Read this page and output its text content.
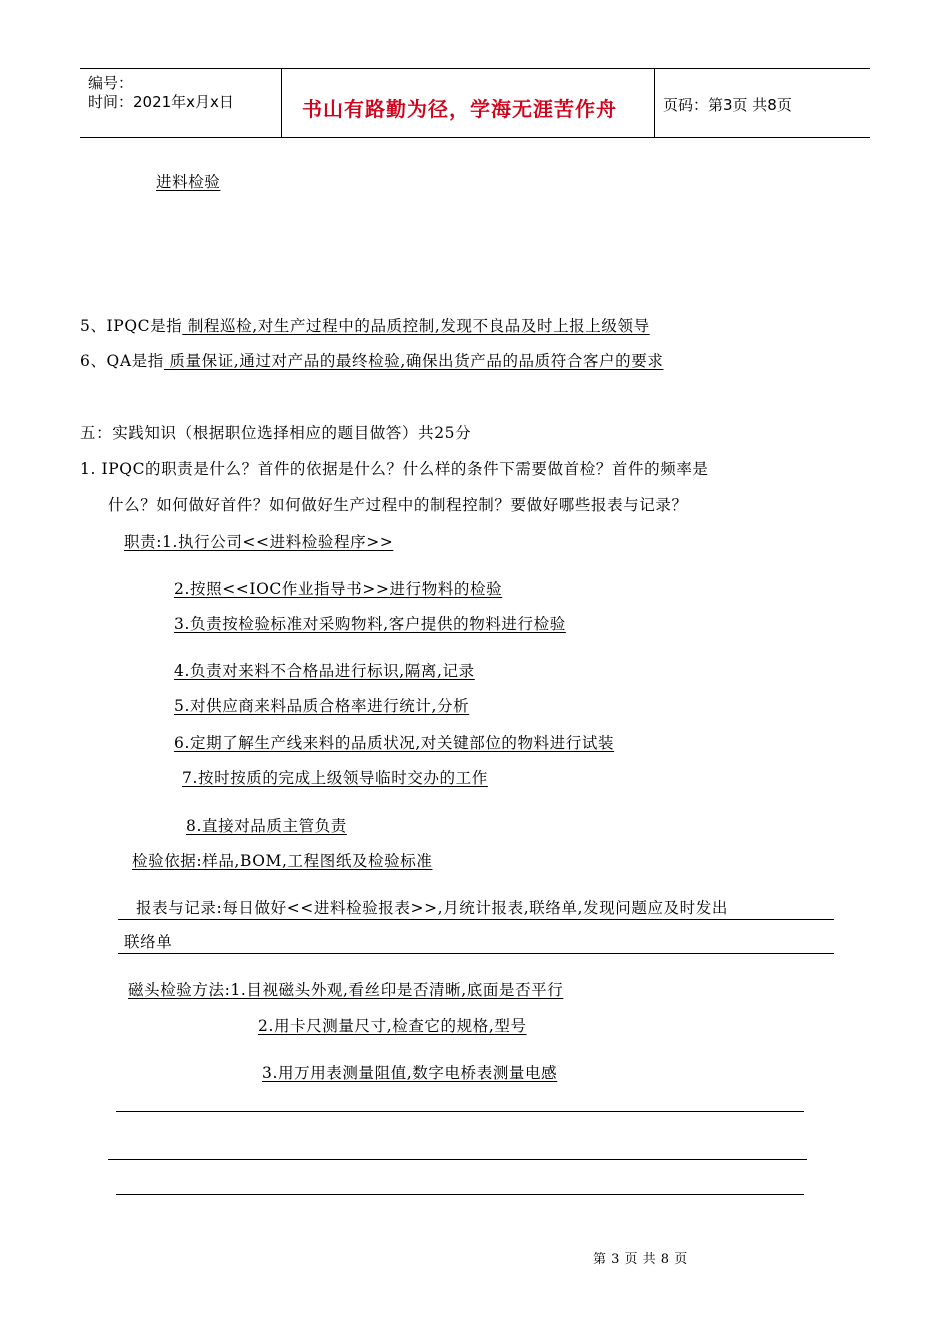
编号：
时间：2021年x月x日	书山有路勤为径，学海无涯苦作舟	页码：第3页 共8页
进料检验
5、IPQC是指 制程巡检,对生产过程中的品质控制,发现不良品及时上报上级领导
6、QA是指 质量保证,通过对产品的最终检验,确保出货产品的品质符合客户的要求
五：实践知识（根据职位选择相应的题目做答）共25分
1. IPQC的职责是什么？首件的依据是什么？什么样的条件下需要做首检？首件的频率是
什么？如何做好首件？如何做好生产过程中的制程控制？要做好哪些报表与记录？
职责:1.执行公司<<进料检验程序>>
2.按照<<IOC作业指导书>>进行物料的检验
3.负责按检验标准对采购物料,客户提供的物料进行检验
4.负责对来料不合格品进行标识,隔离,记录
5.对供应商来料品质合格率进行统计,分析
6.定期了解生产线来料的品质状况,对关键部位的物料进行试装
7.按时按质的完成上级领导临时交办的工作
8.直接对品质主管负责
检验依据:样品,BOM,工程图纸及检验标准
报表与记录:每日做好<<进料检验报表>>,月统计报表,联络单,发现问题应及时发出
联络单
磁头检验方法:1.目视磁头外观,看丝印是否清晰,底面是否平行
2.用卡尺测量尺寸,检查它的规格,型号
3.用万用表测量阻值,数字电桥表测量电感
第 3 页 共 8 页
